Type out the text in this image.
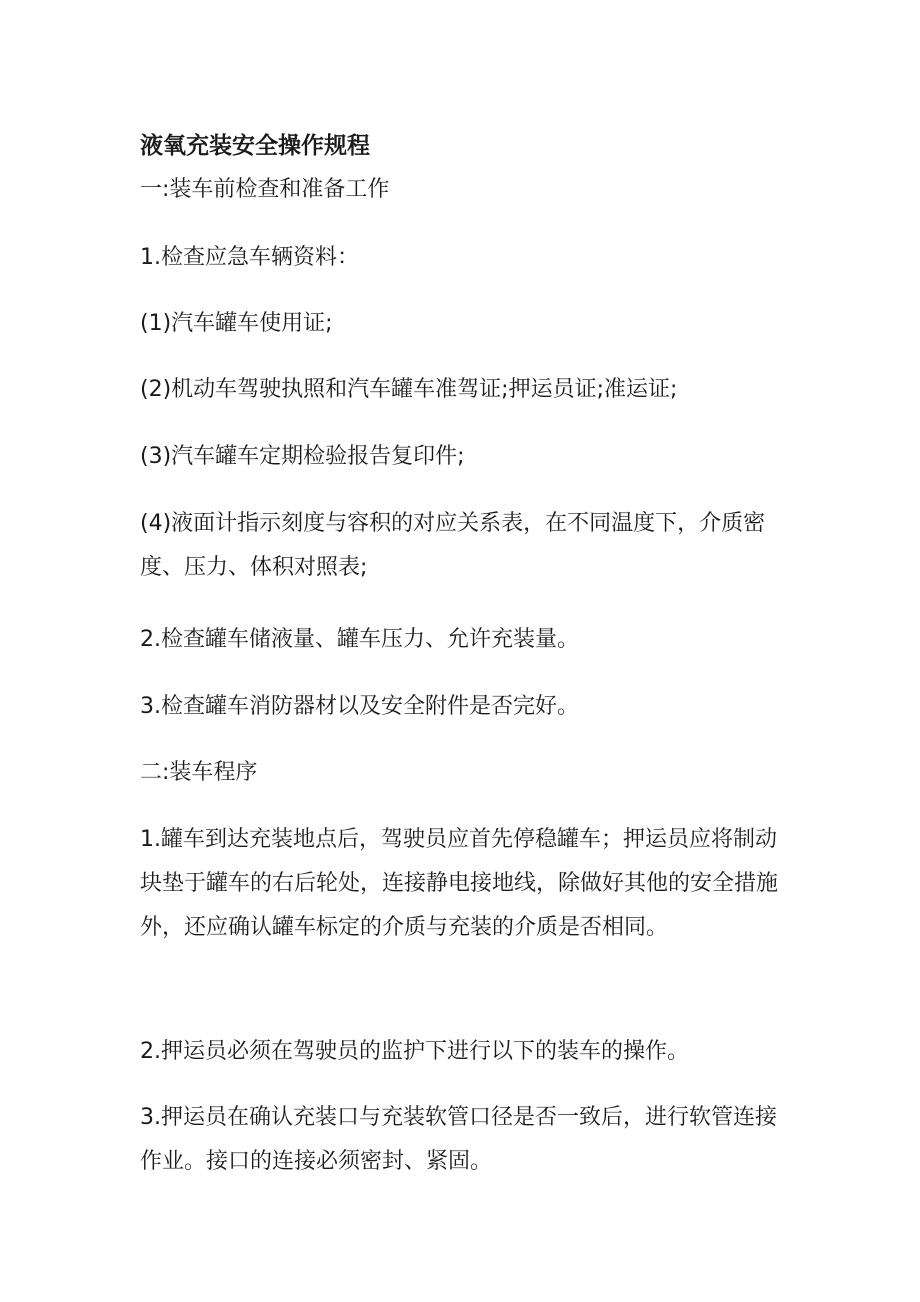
液氧充装安全操作规程

一:装车前检查和准备工作

1.检查应急车辆资料：

(1)汽车罐车使用证;

(2)机动车驾驶执照和汽车罐车准驾证;押运员证;准运证;

(3)汽车罐车定期检验报告复印件;

(4)液面计指示刻度与容积的对应关系表，在不同温度下，介质密度、压力、体积对照表;

2.检查罐车储液量、罐车压力、允许充装量。

3.检查罐车消防器材以及安全附件是否完好。

二:装车程序

1.罐车到达充装地点后，驾驶员应首先停稳罐车；押运员应将制动块垫于罐车的右后轮处，连接静电接地线，除做好其他的安全措施外，还应确认罐车标定的介质与充装的介质是否相同。

2.押运员必须在驾驶员的监护下进行以下的装车的操作。

3.押运员在确认充装口与充装软管口径是否一致后，进行软管连接作业。接口的连接必须密封、紧固。
